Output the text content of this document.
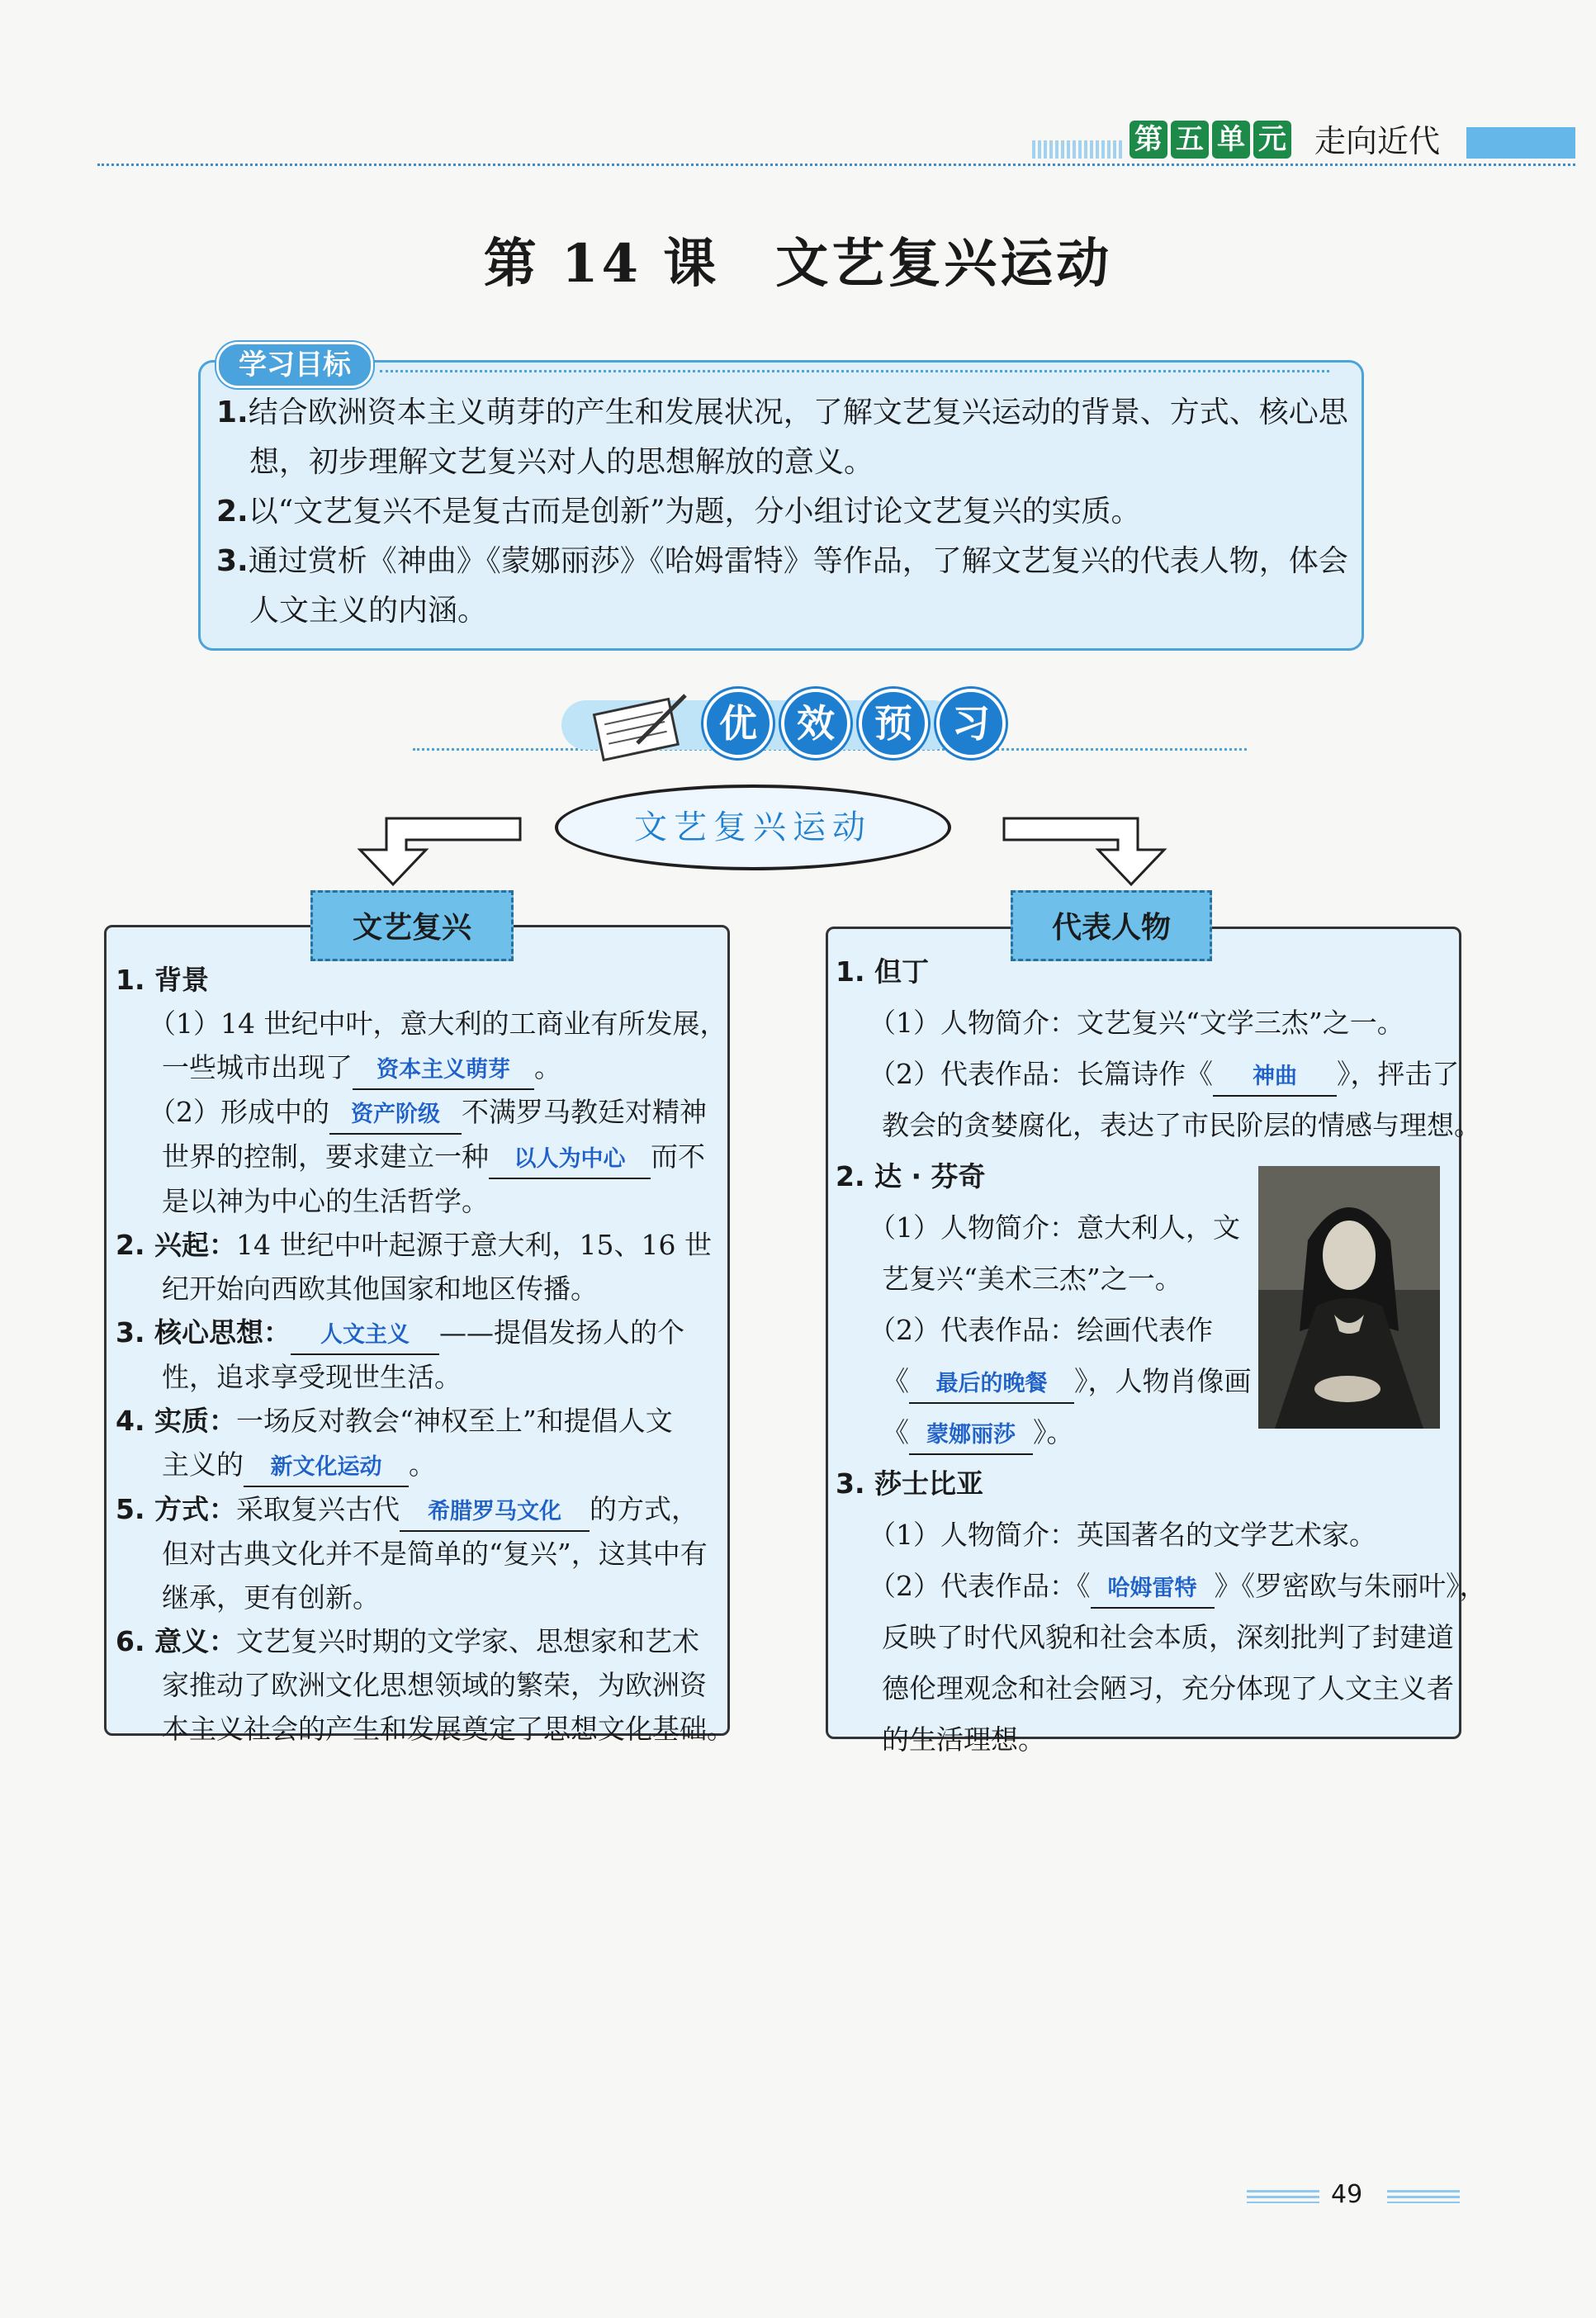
第 五 单 元 走向近代
第 14 课　文艺复兴运动
学习目标

1.结合欧洲资本主义萌芽的产生和发展状况，了解文艺复兴运动的背景、方式、核心思想，初步理解文艺复兴对人的思想解放的意义。

2.以“文艺复兴不是复古而是创新”为题，分小组讨论文艺复兴的实质。

3.通过赏析《神曲》《蒙娜丽莎》《哈姆雷特》等作品，了解文艺复兴的代表人物，体会人文主义的内涵。

优	效	预	习
文艺复兴运动
文艺复兴
1. 背景
（1）14 世纪中叶，意大利的工商业有所发展，
一些城市出现了 资本主义萌芽 。
（2）形成中的 资产阶级 不满罗马教廷对精神
世界的控制，要求建立一种 以人为中心 而不
是以神为中心的生活哲学。
2. 兴起：14 世纪中叶起源于意大利，15、16 世
纪开始向西欧其他国家和地区传播。
3. 核心思想： 人文主义 ——提倡发扬人的个
性，追求享受现世生活。
4. 实质：一场反对教会“神权至上”和提倡人文
主义的 新文化运动 。
5. 方式：采取复兴古代 希腊罗马文化 的方式，
但对古典文化并不是简单的“复兴”，这其中有
继承，更有创新。
6. 意义：文艺复兴时期的文学家、思想家和艺术
家推动了欧洲文化思想领域的繁荣，为欧洲资
本主义社会的产生和发展奠定了思想文化基础。
代表人物
1. 但丁
（1）人物简介：文艺复兴“文学三杰”之一。
（2）代表作品：长篇诗作《 神曲 》，抨击了
教会的贪婪腐化，表达了市民阶层的情感与理想。
2. 达 · 芬奇
（1）人物简介：意大利人，文
艺复兴“美术三杰”之一。
（2）代表作品：绘画代表作
《 最后的晚餐 》，人物肖像画
《 蒙娜丽莎 》。
3. 莎士比亚
（1）人物简介：英国著名的文学艺术家。
（2）代表作品：《 哈姆雷特 》《罗密欧与朱丽叶》，
反映了时代风貌和社会本质，深刻批判了封建道
德伦理观念和社会陋习，充分体现了人文主义者
的生活理想。
49
